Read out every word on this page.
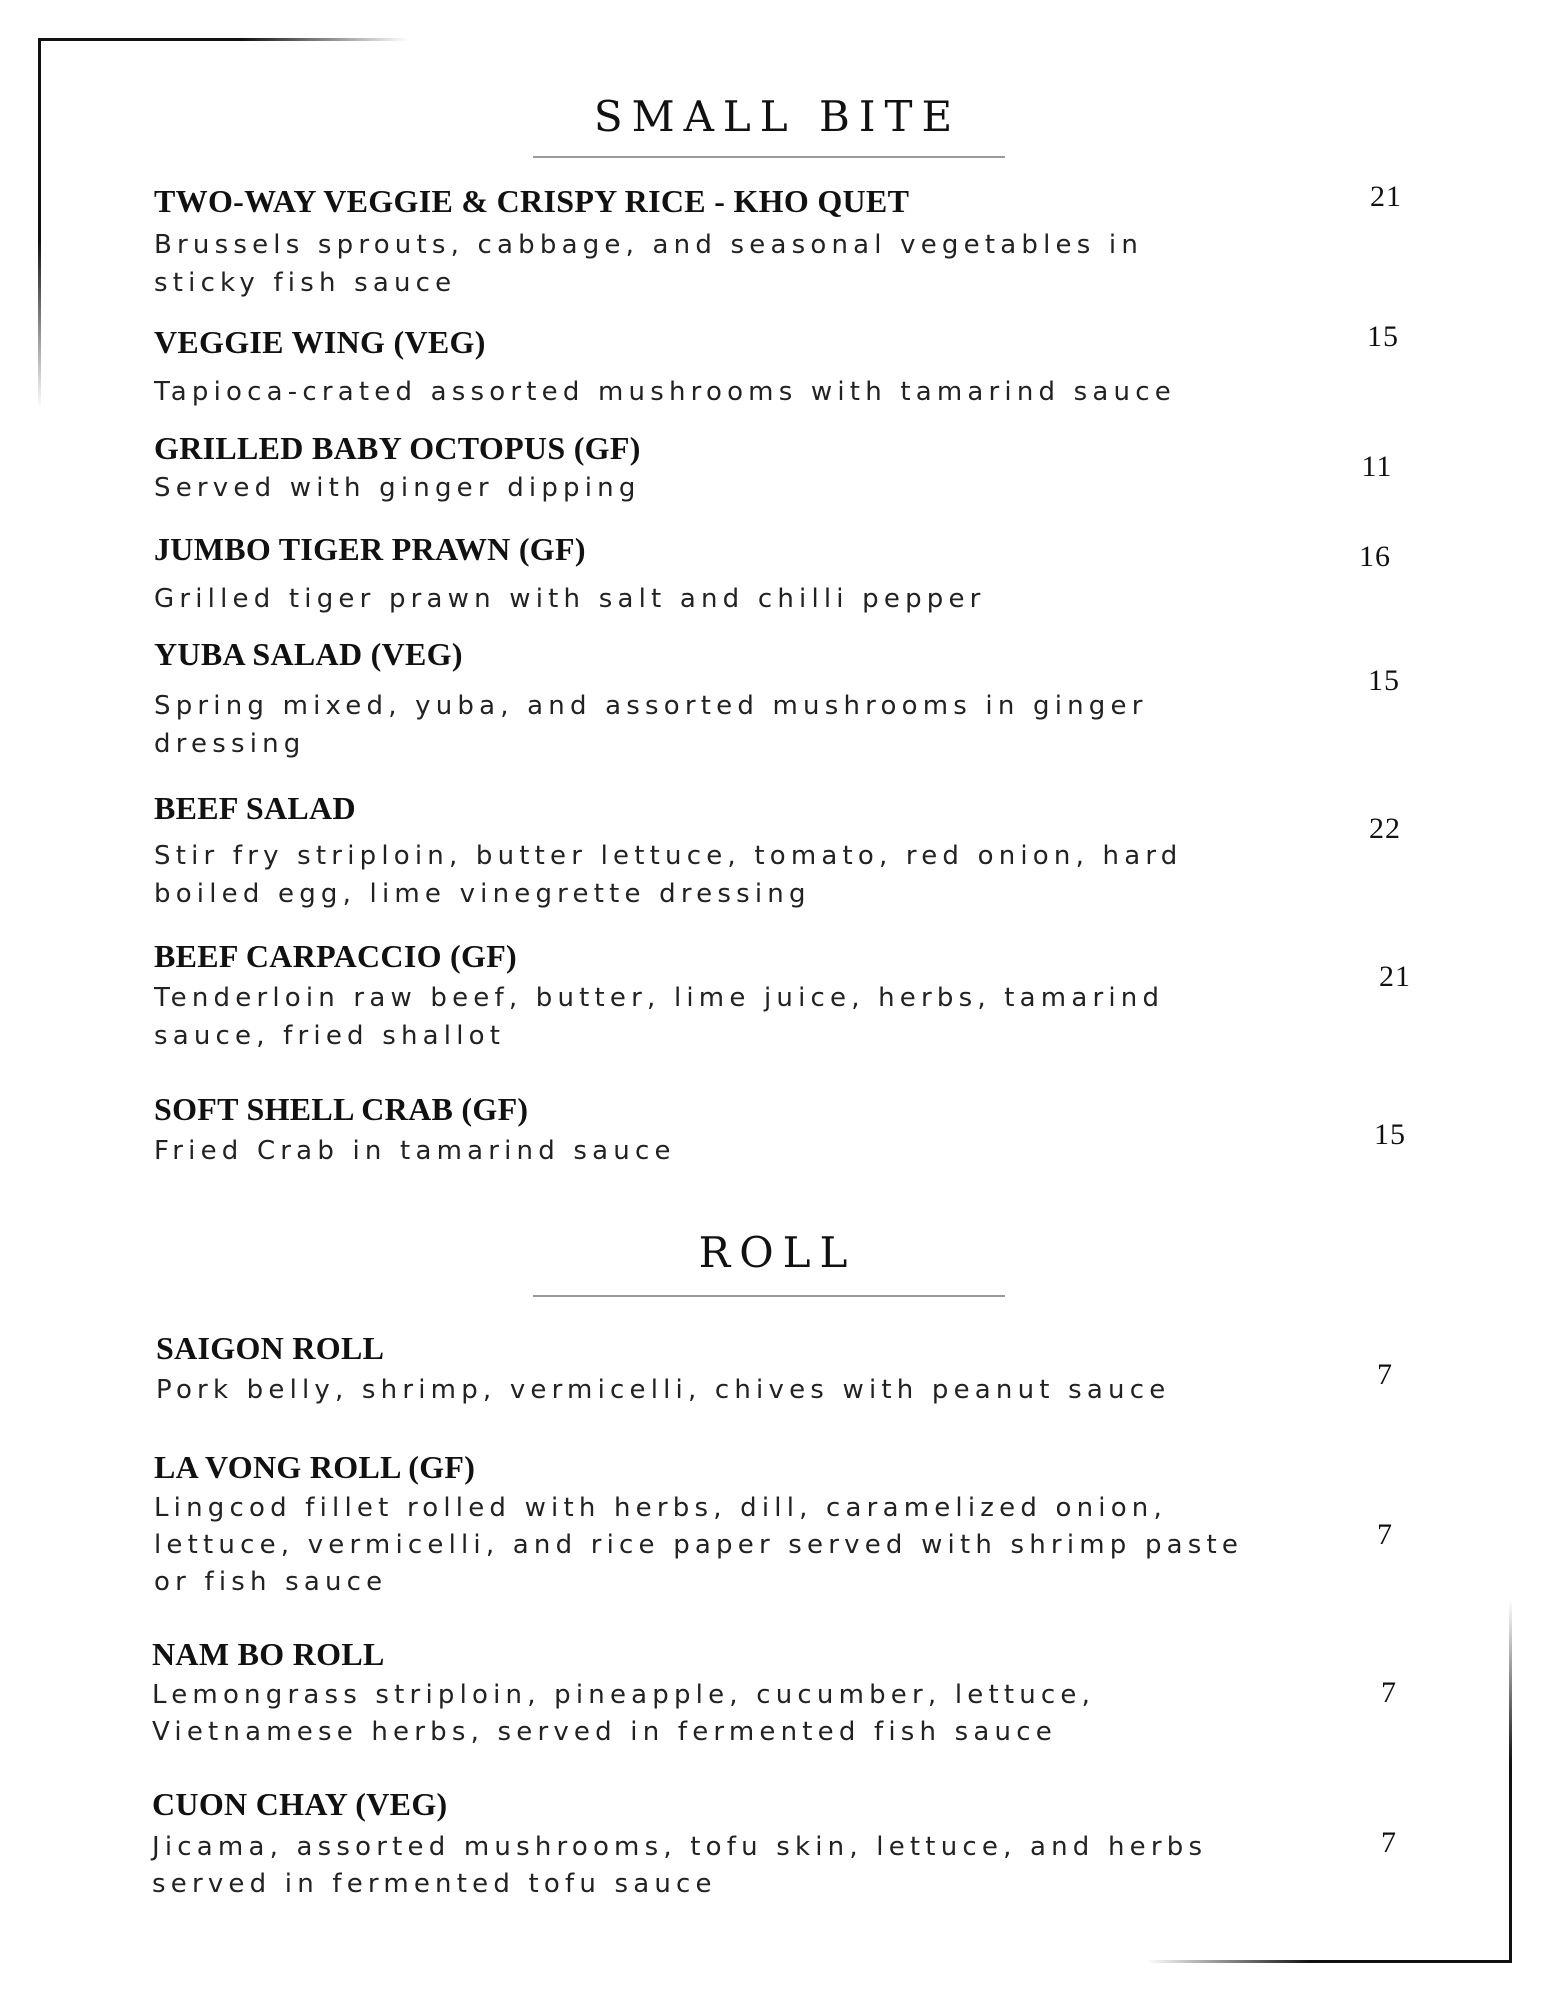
SMALL BITE
TWO-WAY VEGGIE & CRISPY RICE - KHO QUET
Brussels sprouts, cabbage, and seasonal vegetables in sticky fish sauce
21
VEGGIE WING (VEG)
Tapioca-crated assorted mushrooms with tamarind sauce
15
GRILLED BABY OCTOPUS (GF)
Served with ginger dipping
11
JUMBO TIGER PRAWN (GF)
Grilled tiger prawn with salt and chilli pepper
16
YUBA SALAD (VEG)
Spring mixed, yuba, and assorted mushrooms in ginger dressing
15
BEEF SALAD
Stir fry striploin, butter lettuce, tomato, red onion, hard boiled egg, lime vinegrette dressing
22
BEEF CARPACCIO (GF)
Tenderloin raw beef, butter, lime juice, herbs, tamarind sauce, fried shallot
21
SOFT SHELL CRAB (GF)
Fried Crab in tamarind sauce	15
ROLL
SAIGON ROLL
Pork belly, shrimp, vermicelli, chives with peanut sauce	7
LA VONG ROLL (GF)
Lingcod fillet rolled with herbs, dill, caramelized onion, lettuce, vermicelli, and rice paper served with shrimp paste or fish sauce
7
NAM BO ROLL
Lemongrass striploin, pineapple, cucumber, lettuce, Vietnamese herbs, served in fermented fish sauce
7
CUON CHAY (VEG)
Jicama, assorted mushrooms, tofu skin, lettuce, and herbs served in fermented tofu sauce
7
